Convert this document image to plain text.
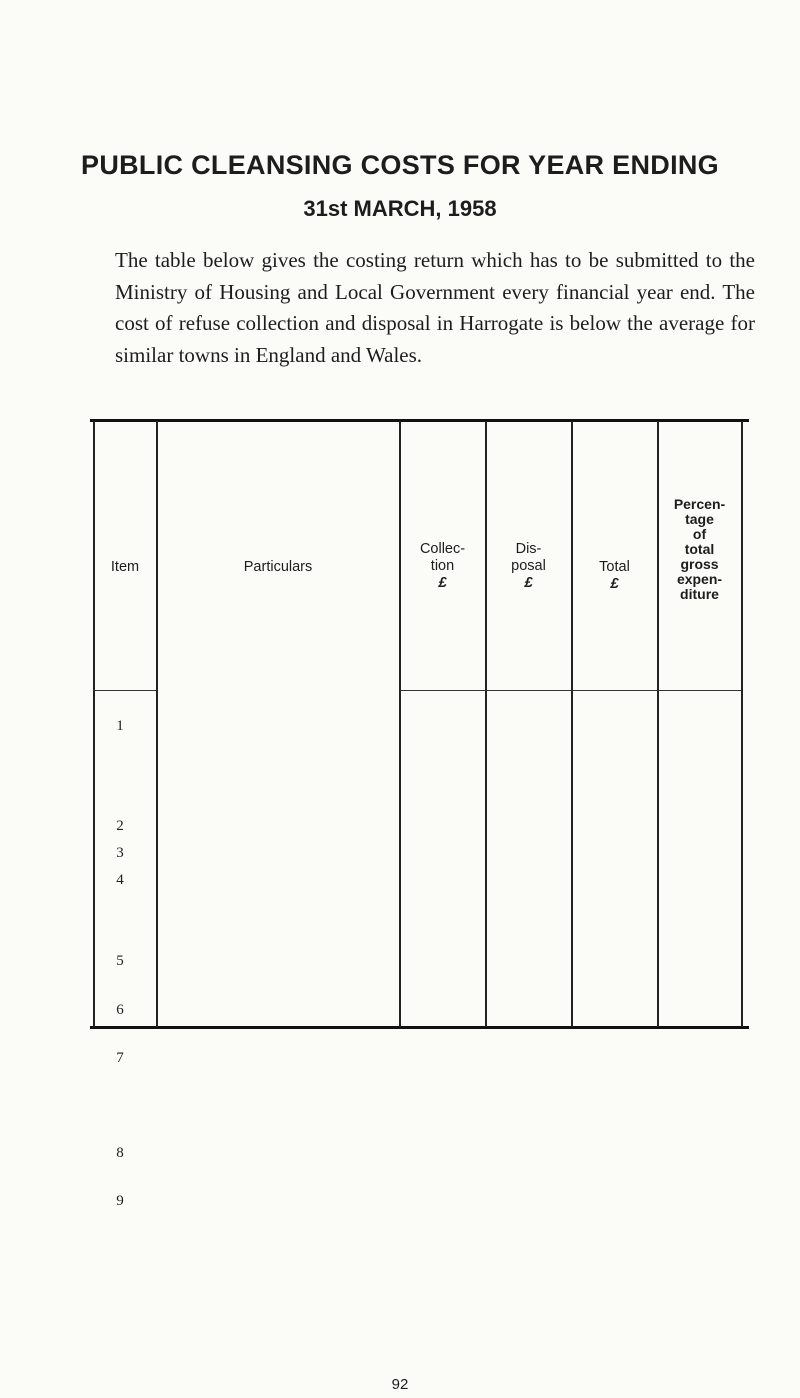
PUBLIC CLEANSING COSTS FOR YEAR ENDING
31st MARCH, 1958
The table below gives the costing return which has to be submitted to the Ministry of Housing and Local Government every financial year end. The cost of refuse collection and disposal in Harrogate is below the average for similar towns in England and Wales.
Item	Particulars
Collec-
tion
£
Dis-
posal
£
Total
£
Percen-
tage
of
total
gross
expen-
diture
1
2
3
4
5
6
7
8
9
92
